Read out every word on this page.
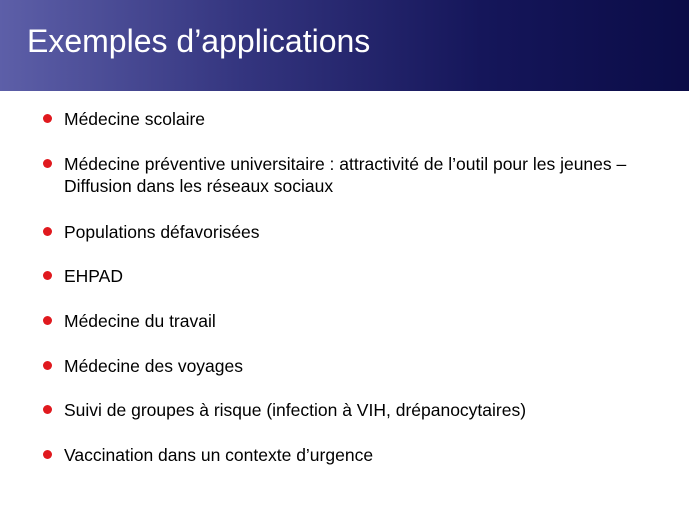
Exemples d’applications
Médecine scolaire
Médecine préventive universitaire : attractivité de l’outil pour les jeunes – Diffusion dans les réseaux sociaux
Populations défavorisées
EHPAD
Médecine du travail
Médecine des voyages
Suivi de groupes à risque (infection à VIH, drépanocytaires)
Vaccination dans un contexte d’urgence
